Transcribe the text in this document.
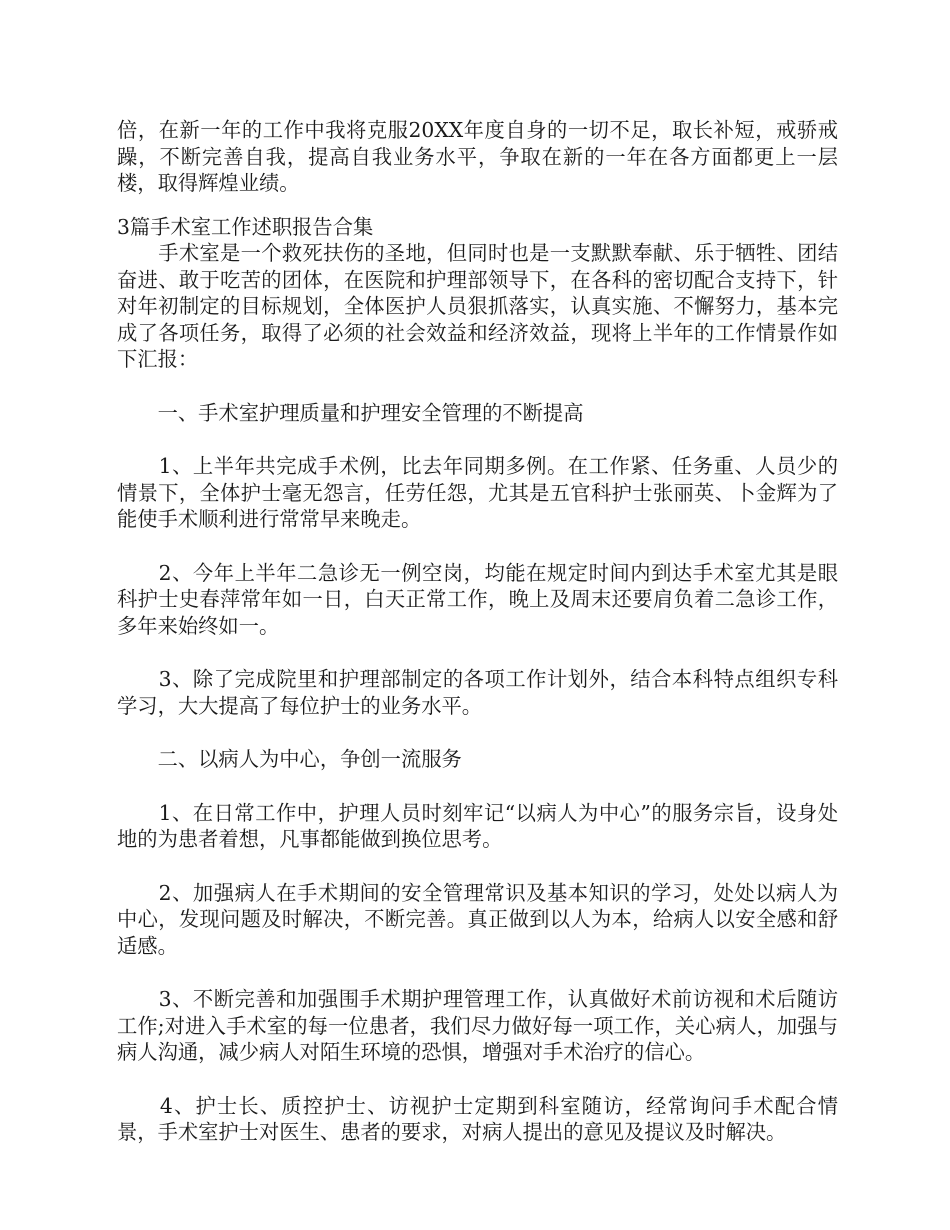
倍，在新一年的工作中我将克服20XX年度自身的一切不足，取长补短，戒骄戒躁，不断完善自我，提高自我业务水平，争取在新的一年在各方面都更上一层楼，取得辉煌业绩。

3篇手术室工作述职报告合集

　　手术室是一个救死扶伤的圣地，但同时也是一支默默奉献、乐于牺牲、团结奋进、敢于吃苦的团体，在医院和护理部领导下，在各科的密切配合支持下，针对年初制定的目标规划，全体医护人员狠抓落实，认真实施、不懈努力，基本完成了各项任务，取得了必须的社会效益和经济效益，现将上半年的工作情景作如下汇报：

　　一、手术室护理质量和护理安全管理的不断提高

　　1、上半年共完成手术例，比去年同期多例。在工作紧、任务重、人员少的情景下，全体护士毫无怨言，任劳任怨，尤其是五官科护士张丽英、卜金辉为了能使手术顺利进行常常早来晚走。

　　2、今年上半年二急诊无一例空岗，均能在规定时间内到达手术室尤其是眼科护士史春萍常年如一日，白天正常工作，晚上及周末还要肩负着二急诊工作，多年来始终如一。

　　3、除了完成院里和护理部制定的各项工作计划外，结合本科特点组织专科学习，大大提高了每位护士的业务水平。

　　二、以病人为中心，争创一流服务

　　1、在日常工作中，护理人员时刻牢记“以病人为中心”的服务宗旨，设身处地的为患者着想，凡事都能做到换位思考。

　　2、加强病人在手术期间的安全管理常识及基本知识的学习，处处以病人为中心，发现问题及时解决，不断完善。真正做到以人为本，给病人以安全感和舒适感。

　　3、不断完善和加强围手术期护理管理工作，认真做好术前访视和术后随访工作;对进入手术室的每一位患者，我们尽力做好每一项工作，关心病人，加强与病人沟通，减少病人对陌生环境的恐惧，增强对手术治疗的信心。

　　4、护士长、质控护士、访视护士定期到科室随访，经常询问手术配合情景，手术室护士对医生、患者的要求，对病人提出的意见及提议及时解决。
